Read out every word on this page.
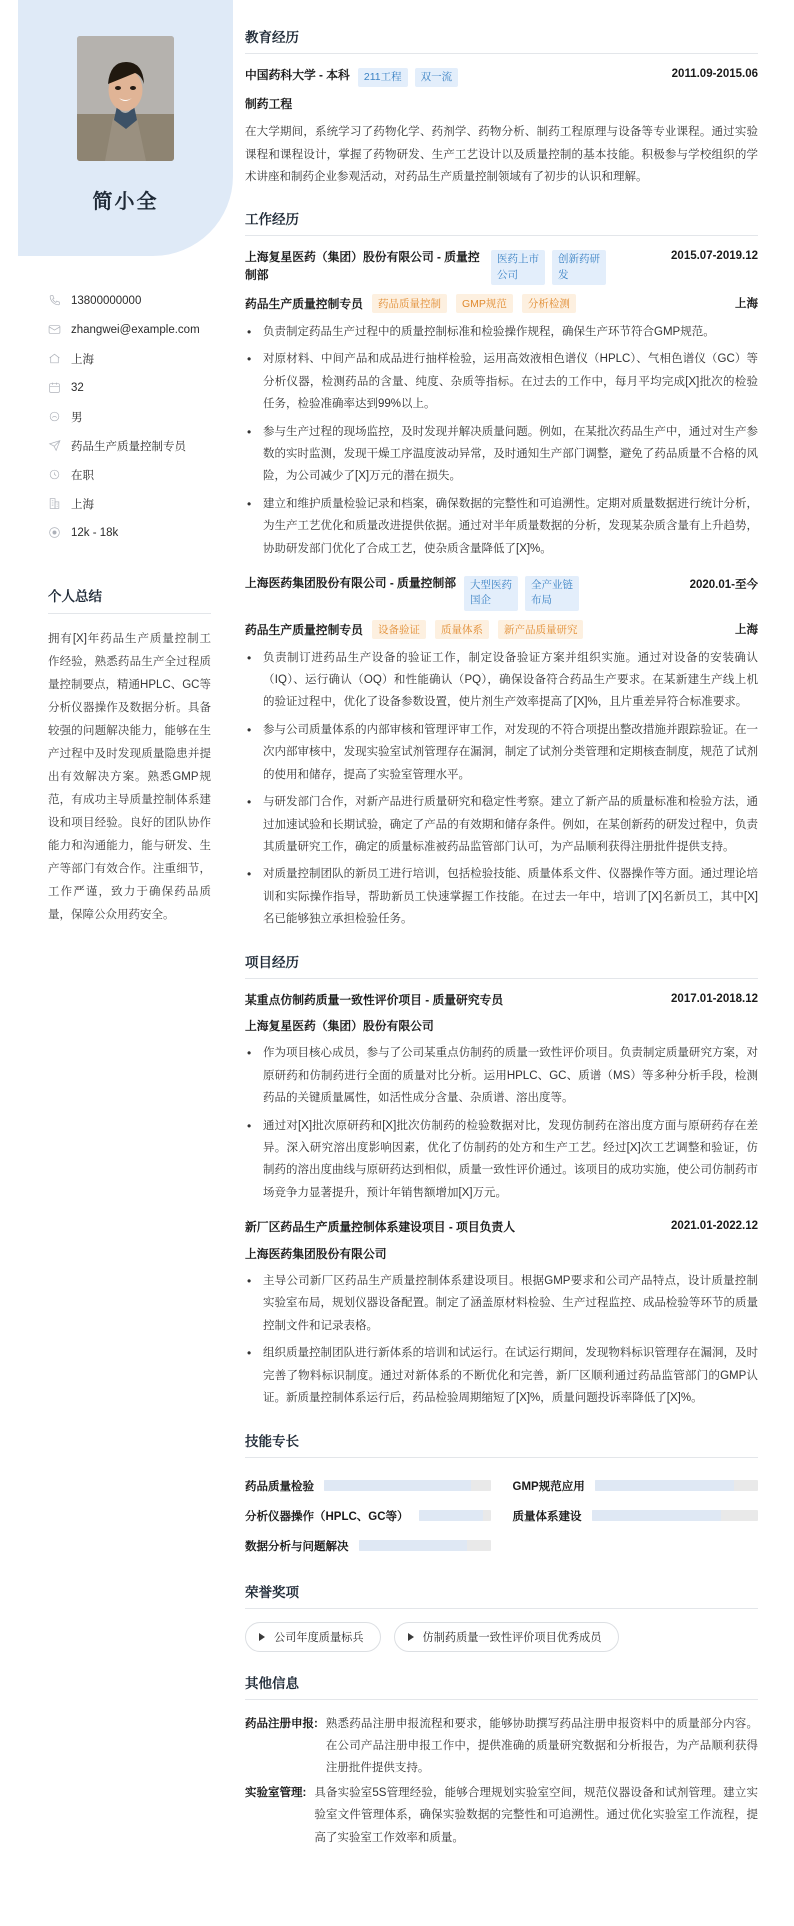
简小全
13800000000
zhangwei@example.com
上海
32
男
药品生产质量控制专员
在职
上海
12k - 18k
个人总结
拥有[X]年药品生产质量控制工作经验，熟悉药品生产全过程质量控制要点，精通HPLC、GC等分析仪器操作及数据分析。具备较强的问题解决能力，能够在生产过程中及时发现质量隐患并提出有效解决方案。熟悉GMP规范，有成功主导质量控制体系建设和项目经验。良好的团队协作能力和沟通能力，能与研发、生产等部门有效合作。注重细节，工作严谨，致力于确保药品质量，保障公众用药安全。
教育经历
中国药科大学 - 本科	211工程	双一流	2011.09-2015.06
制药工程
在大学期间，系统学习了药物化学、药剂学、药物分析、制药工程原理与设备等专业课程。通过实验课程和课程设计，掌握了药物研发、生产工艺设计以及质量控制的基本技能。积极参与学校组织的学术讲座和制药企业参观活动，对药品生产质量控制领域有了初步的认识和理解。
工作经历
上海复星医药（集团）股份有限公司 - 质量控制部
医药上市公司
创新药研发
2015.07-2019.12
药品生产质量控制专员	药品质量控制	GMP规范	分析检测	上海
• 负责制定药品生产过程中的质量控制标准和检验操作规程，确保生产环节符合GMP规范。
• 对原材料、中间产品和成品进行抽样检验，运用高效液相色谱仪（HPLC）、气相色谱仪（GC）等分析仪器，检测药品的含量、纯度、杂质等指标。在过去的工作中，每月平均完成[X]批次的检验任务，检验准确率达到99%以上。
• 参与生产过程的现场监控，及时发现并解决质量问题。例如，在某批次药品生产中，通过对生产参数的实时监测，发现干燥工序温度波动异常，及时通知生产部门调整，避免了药品质量不合格的风险，为公司减少了[X]万元的潜在损失。
• 建立和维护质量检验记录和档案，确保数据的完整性和可追溯性。定期对质量数据进行统计分析，为生产工艺优化和质量改进提供依据。通过对半年质量数据的分析，发现某杂质含量有上升趋势，协助研发部门优化了合成工艺，使杂质含量降低了[X]%。
上海医药集团股份有限公司 - 质量控制部	大型医药国企
全产业链布局
2020.01-至今
药品生产质量控制专员	设备验证	质量体系	新产品质量研究	上海
• 负责制订进药品生产设备的验证工作，制定设备验证方案并组织实施。通过对设备的安装确认（IQ）、运行确认（OQ）和性能确认（PQ），确保设备符合药品生产要求。在某新建生产线上机的验证过程中，优化了设备参数设置，使片剂生产效率提高了[X]%，且片重差异符合标准要求。
• 参与公司质量体系的内部审核和管理评审工作，对发现的不符合项提出整改措施并跟踪验证。在一次内部审核中，发现实验室试剂管理存在漏洞，制定了试剂分类管理和定期核查制度，规范了试剂的使用和储存，提高了实验室管理水平。
• 与研发部门合作，对新产品进行质量研究和稳定性考察。建立了新产品的质量标准和检验方法，通过加速试验和长期试验，确定了产品的有效期和储存条件。例如，在某创新药的研发过程中，负责其质量研究工作，确定的质量标准被药品监管部门认可，为产品顺利获得注册批件提供支持。
• 对质量控制团队的新员工进行培训，包括检验技能、质量体系文件、仪器操作等方面。通过理论培训和实际操作指导，帮助新员工快速掌握工作技能。在过去一年中，培训了[X]名新员工，其中[X]名已能够独立承担检验任务。
项目经历
某重点仿制药质量一致性评价项目 - 质量研究专员	2017.01-2018.12
上海复星医药（集团）股份有限公司
• 作为项目核心成员，参与了公司某重点仿制药的质量一致性评价项目。负责制定质量研究方案，对原研药和仿制药进行全面的质量对比分析。运用HPLC、GC、质谱（MS）等多种分析手段，检测药品的关键质量属性，如活性成分含量、杂质谱、溶出度等。
• 通过对[X]批次原研药和[X]批次仿制药的检验数据对比，发现仿制药在溶出度方面与原研药存在差异。深入研究溶出度影响因素，优化了仿制药的处方和生产工艺。经过[X]次工艺调整和验证，仿制药的溶出度曲线与原研药达到相似，质量一致性评价通过。该项目的成功实施，使公司仿制药市场竞争力显著提升，预计年销售额增加[X]万元。
新厂区药品生产质量控制体系建设项目 - 项目负责人	2021.01-2022.12
上海医药集团股份有限公司
• 主导公司新厂区药品生产质量控制体系建设项目。根据GMP要求和公司产品特点，设计质量控制实验室布局，规划仪器设备配置。制定了涵盖原材料检验、生产过程监控、成品检验等环节的质量控制文件和记录表格。
• 组织质量控制团队进行新体系的培训和试运行。在试运行期间，发现物料标识管理存在漏洞，及时完善了物料标识制度。通过对新体系的不断优化和完善，新厂区顺利通过药品监管部门的GMP认证。新质量控制体系运行后，药品检验周期缩短了[X]%，质量问题投诉率降低了[X]%。
技能专长
药品质量检验	GMP规范应用
分析仪器操作（HPLC、GC等）	质量体系建设
数据分析与问题解决
荣誉奖项
公司年度质量标兵	仿制药质量一致性评价项目优秀成员
其他信息
药品注册申报: 熟悉药品注册申报流程和要求，能够协助撰写药品注册申报资料中的质量部分内容。在公司产品注册申报工作中，提供准确的质量研究数据和分析报告，为产品顺利获得注册批件提供支持。
实验室管理: 具备实验室5S管理经验，能够合理规划实验室空间，规范仪器设备和试剂管理。建立实验室文件管理体系，确保实验数据的完整性和可追溯性。通过优化实验室工作流程，提高了实验室工作效率和质量。
